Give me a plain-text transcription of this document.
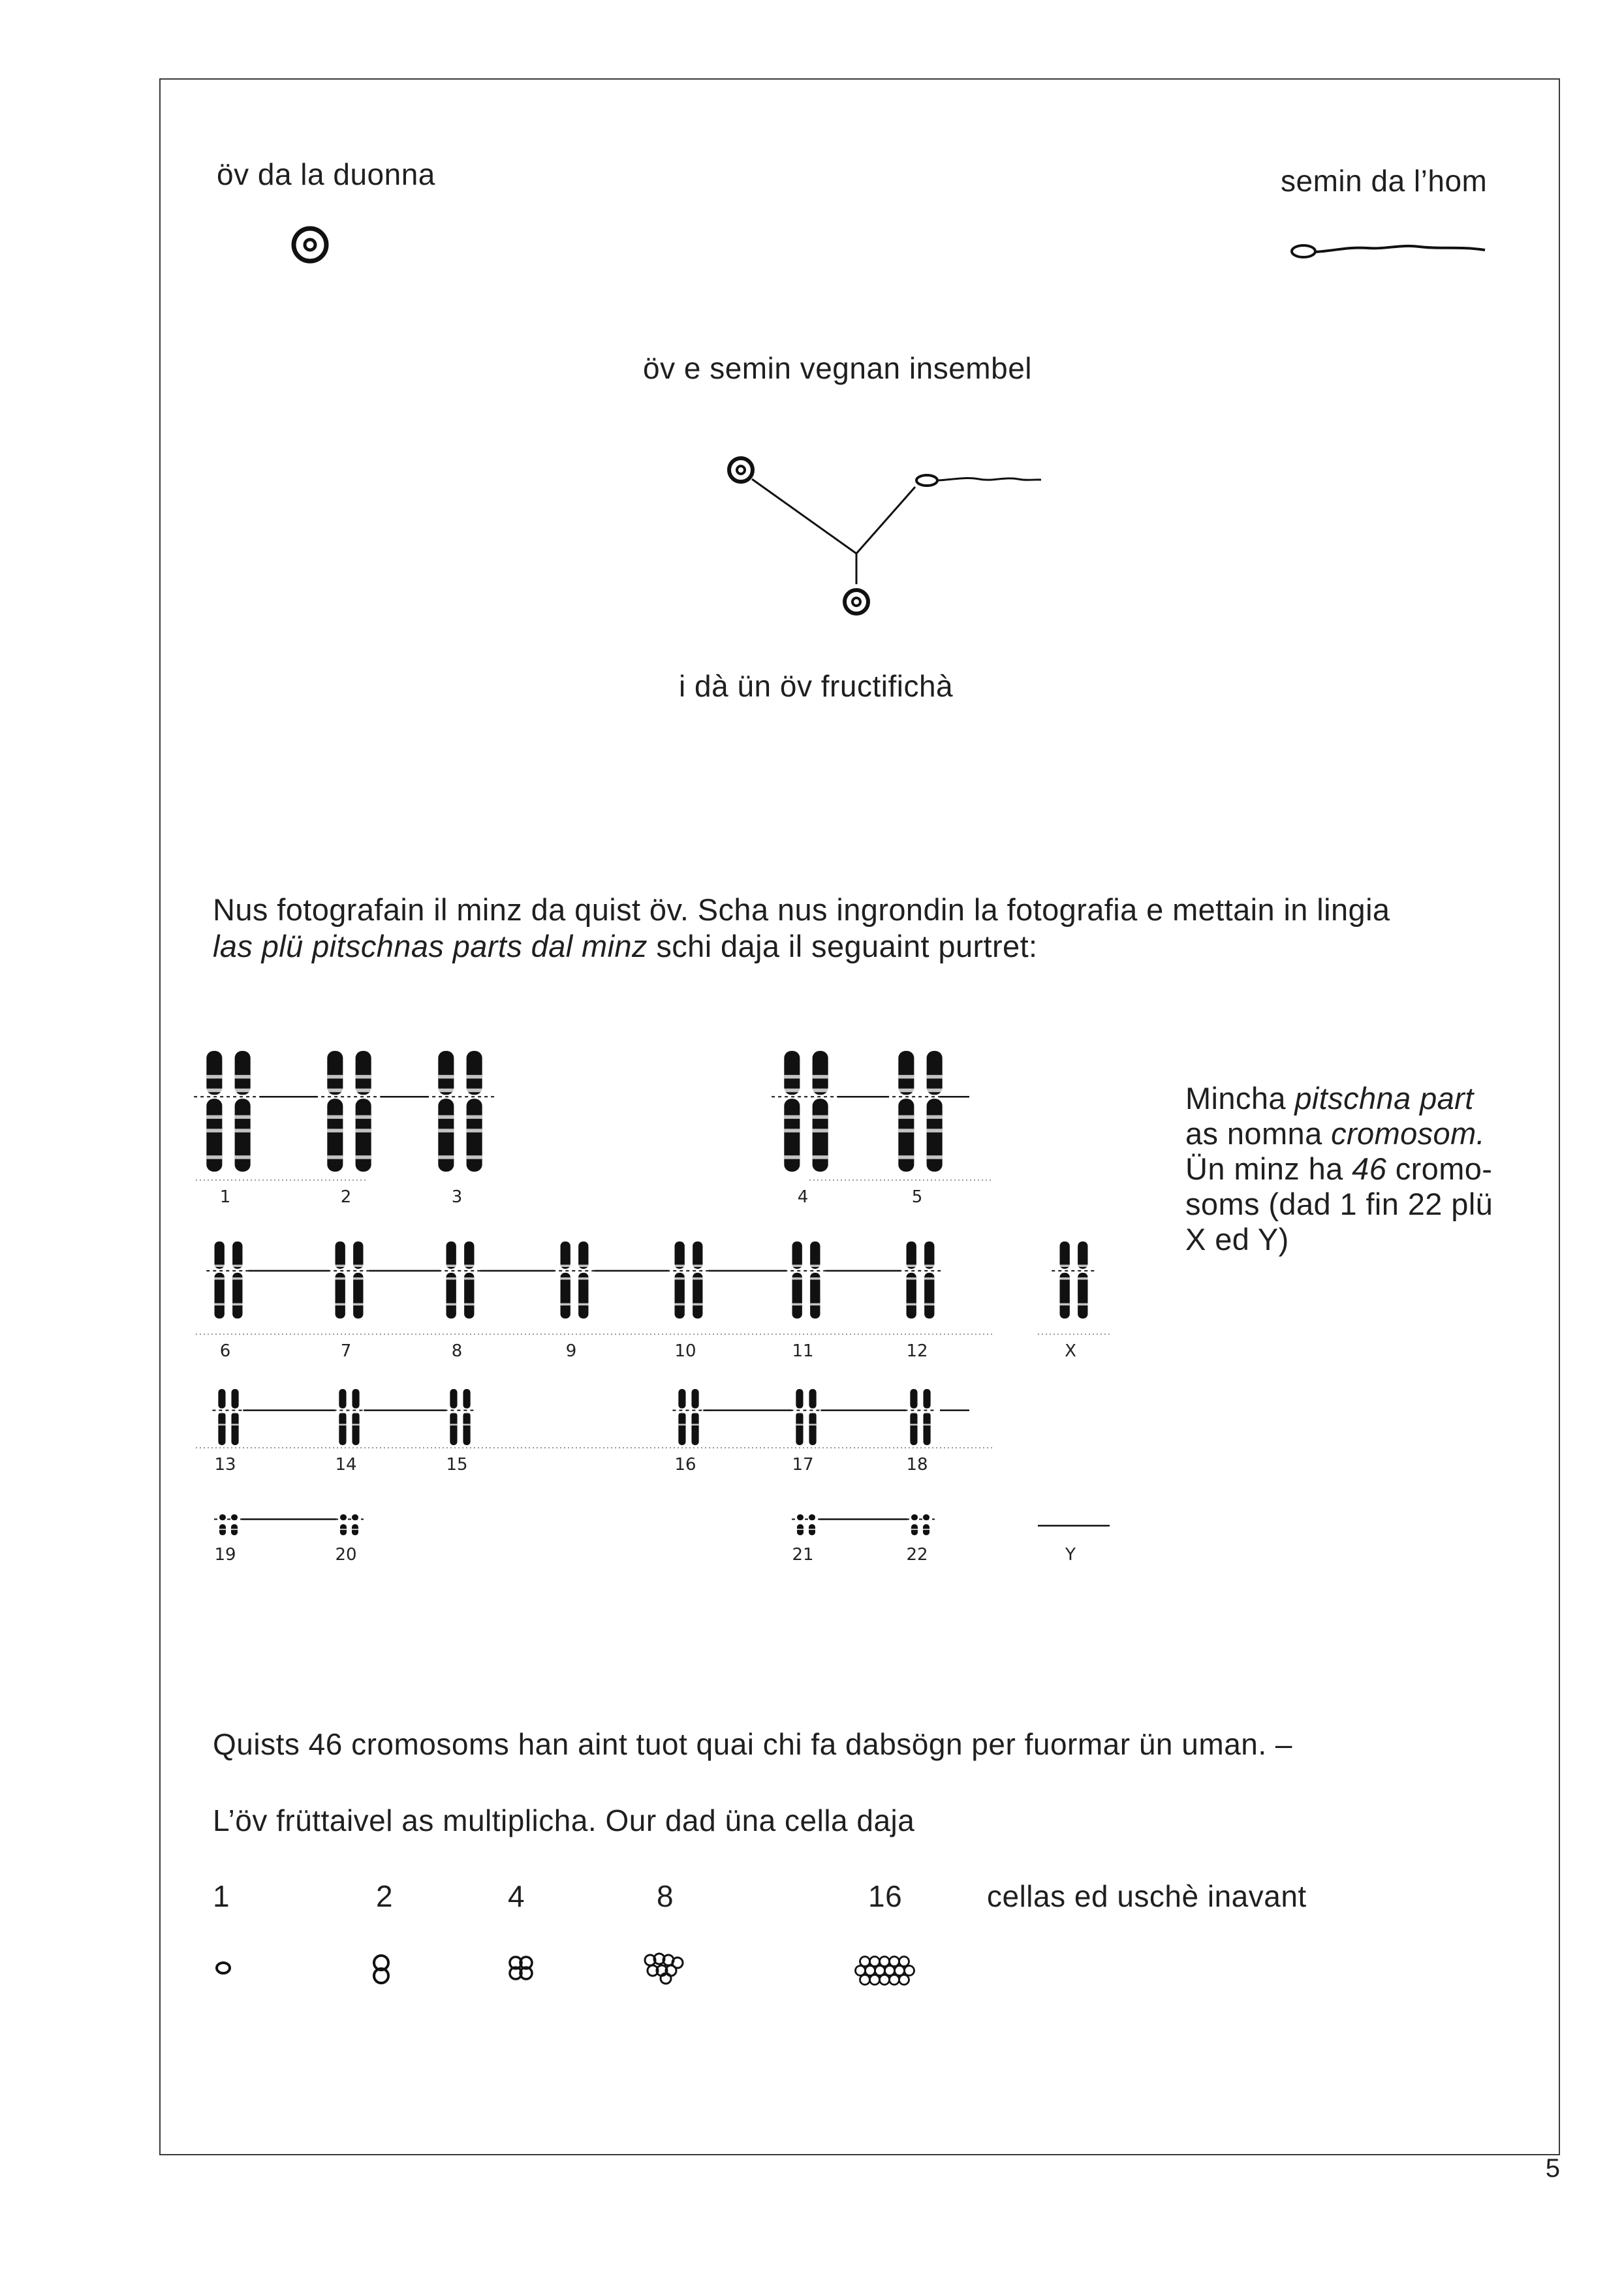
öv da la duonna	semin da l’hom
öv e semin vegnan insembel
i dà ün öv fructifichà
Nus fotografain il minz da quist öv. Scha nus ingrondin la fotografia e mettain in lingia
las plü pitschnas parts dal minz schi daja il seguaint purtret:
1	2	3	4	5
6	7	8	9	10	11	12	X
13	14	15	16	17	18
19	20	21	22	Y
Mincha pitschna part
as nomna cromosom.
Ün minz ha 46 cromo-
soms (dad 1 fin 22 plü
X ed Y)
Quists 46 cromosoms han aint tuot quai chi fa dabsögn per fuormar ün uman. –
L’öv früttaivel as multiplicha. Our dad üna cella daja
1	2	4	8	16	cellas ed uschè inavant
5
